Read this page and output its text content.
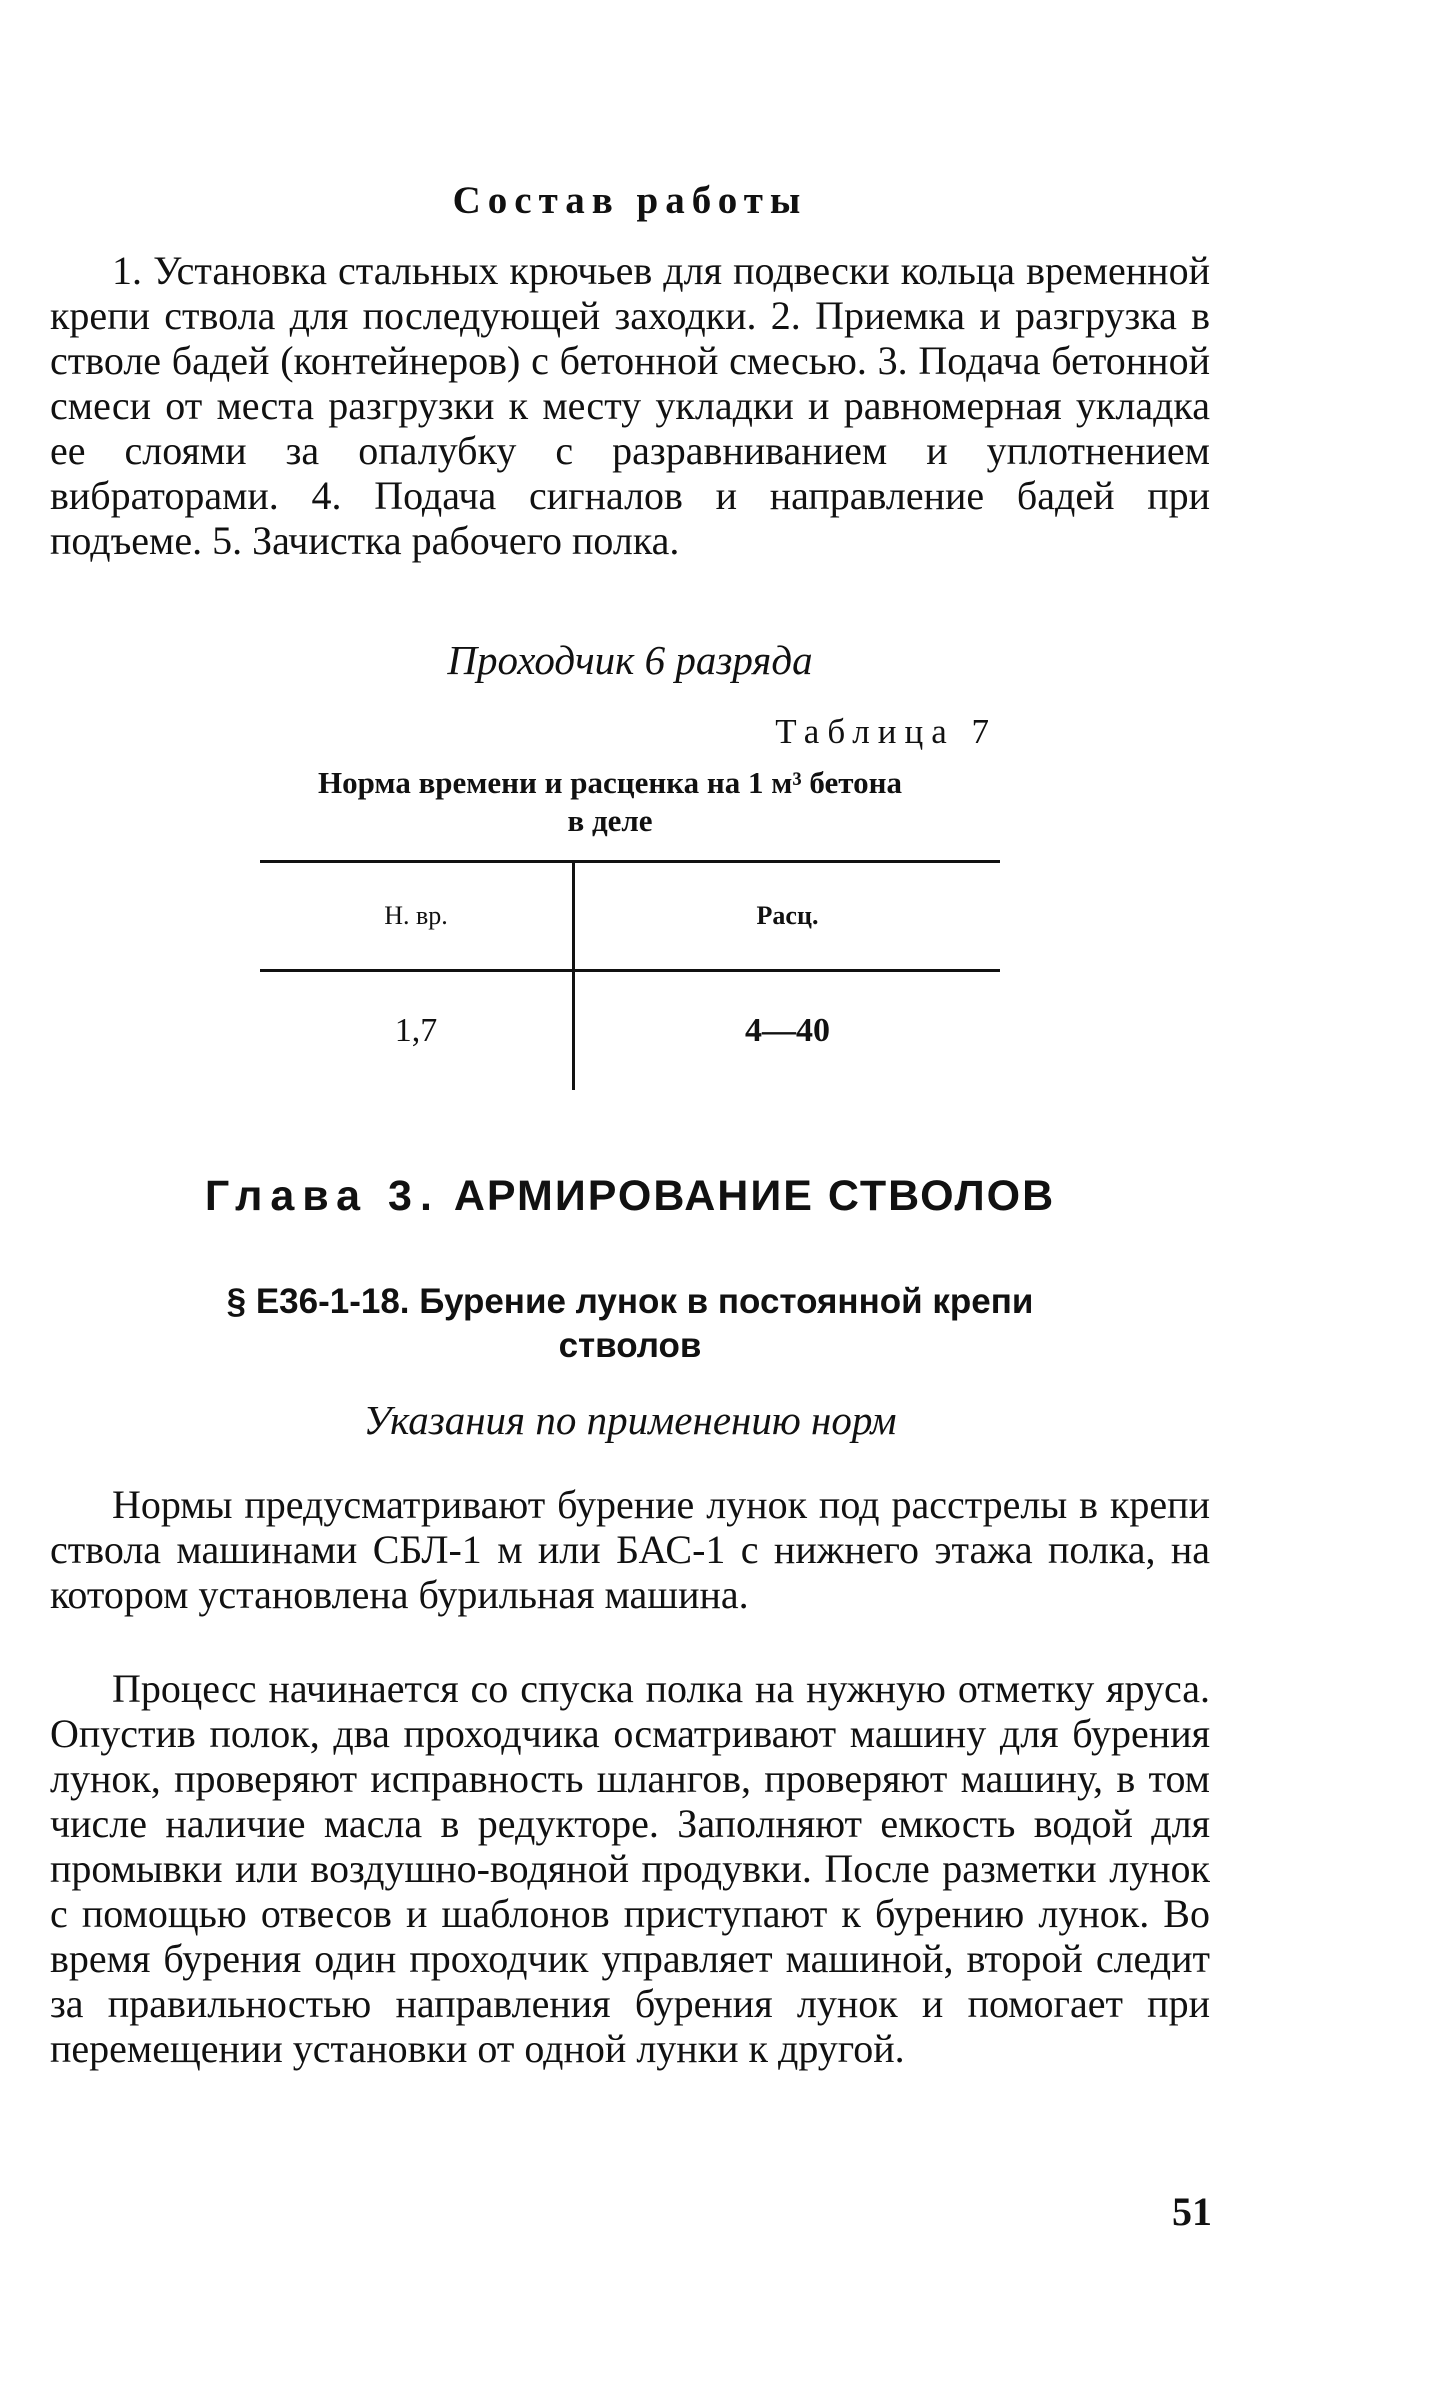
Состав работы

1. Установка стальных крючьев для подвески кольца временной крепи ствола для последующей заходки. 2. Приемка и разгрузка в стволе бадей (контейнеров) с бетонной смесью. 3. Подача бетонной смеси от места разгрузки к месту укладки и равномерная укладка ее слоями за опалубку с разравниванием и уплотнением вибраторами. 4. Подача сигналов и направление бадей при подъеме. 5. Зачистка рабочего полка.

Проходчик 6 разряда

Таблица 7

Норма времени и расценка на 1 м³ бетона
в деле

Н. вр.	Расц.
1,7	4—40
Глава 3. АРМИРОВАНИЕ СТВОЛОВ
§ Е36-1-18. Бурение лунок в постоянной крепи
стволов

Указания по применению норм

Нормы предусматривают бурение лунок под расстрелы в крепи ствола машинами СБЛ-1 м или БАС-1 с нижнего этажа полка, на котором установлена бурильная машина.

Процесс начинается со спуска полка на нужную отметку яруса. Опустив полок, два проходчика осматривают машину для бурения лунок, проверяют исправность шлангов, проверяют машину, в том числе наличие масла в редукторе. Заполняют емкость водой для промывки или воздушно-водяной продувки. После разметки лунок с помощью отвесов и шаблонов приступают к бурению лунок. Во время бурения один проходчик управляет машиной, второй следит за правильностью направления бурения лунок и помогает при перемещении установки от одной лунки к другой.

51
